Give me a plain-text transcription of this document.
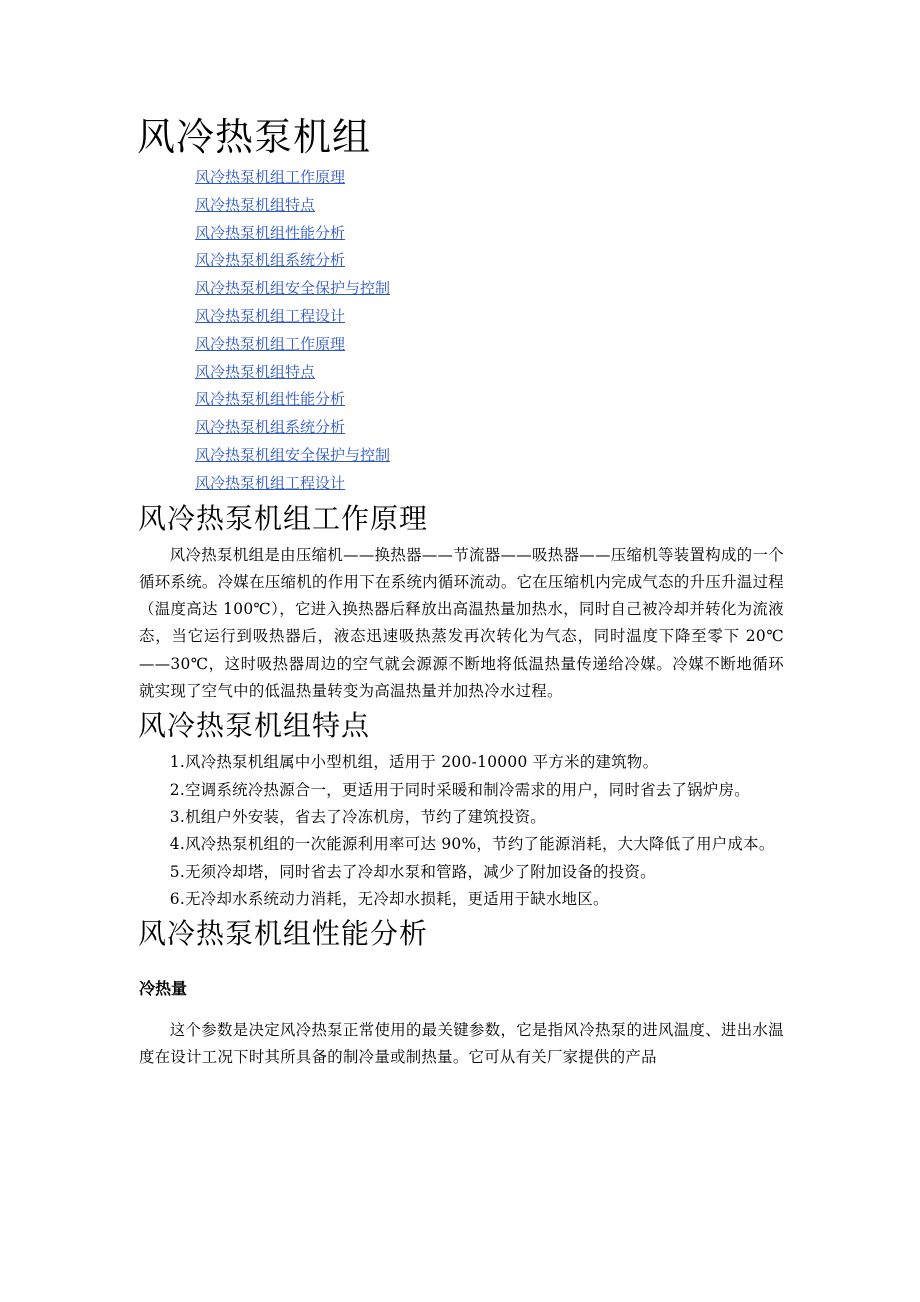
风冷热泵机组
风冷热泵机组工作原理
风冷热泵机组特点
风冷热泵机组性能分析
风冷热泵机组系统分析
风冷热泵机组安全保护与控制
风冷热泵机组工程设计
风冷热泵机组工作原理
风冷热泵机组特点
风冷热泵机组性能分析
风冷热泵机组系统分析
风冷热泵机组安全保护与控制
风冷热泵机组工程设计
风冷热泵机组工作原理

风冷热泵机组是由压缩机——换热器——节流器——吸热器——压缩机等装置构成的一个循环系统。冷媒在压缩机的作用下在系统内循环流动。它在压缩机内完成气态的升压升温过程（温度高达 100℃），它进入换热器后释放出高温热量加热水，同时自己被冷却并转化为流液态，当它运行到吸热器后，液态迅速吸热蒸发再次转化为气态，同时温度下降至零下 20℃——30℃，这时吸热器周边的空气就会源源不断地将低温热量传递给冷媒。冷媒不断地循环就实现了空气中的低温热量转变为高温热量并加热冷水过程。

风冷热泵机组特点

1.风冷热泵机组属中小型机组，适用于 200-10000 平方米的建筑物。

2.空调系统冷热源合一，更适用于同时采暖和制冷需求的用户，同时省去了锅炉房。

3.机组户外安装，省去了冷冻机房，节约了建筑投资。

4.风冷热泵机组的一次能源利用率可达 90%，节约了能源消耗，大大降低了用户成本。

5.无须冷却塔，同时省去了冷却水泵和管路，减少了附加设备的投资。

6.无冷却水系统动力消耗，无冷却水损耗，更适用于缺水地区。

风冷热泵机组性能分析
冷热量

这个参数是决定风冷热泵正常使用的最关键参数，它是指风冷热泵的进风温度、进出水温度在设计工况下时其所具备的制冷量或制热量。它可从有关厂家提供的产品
